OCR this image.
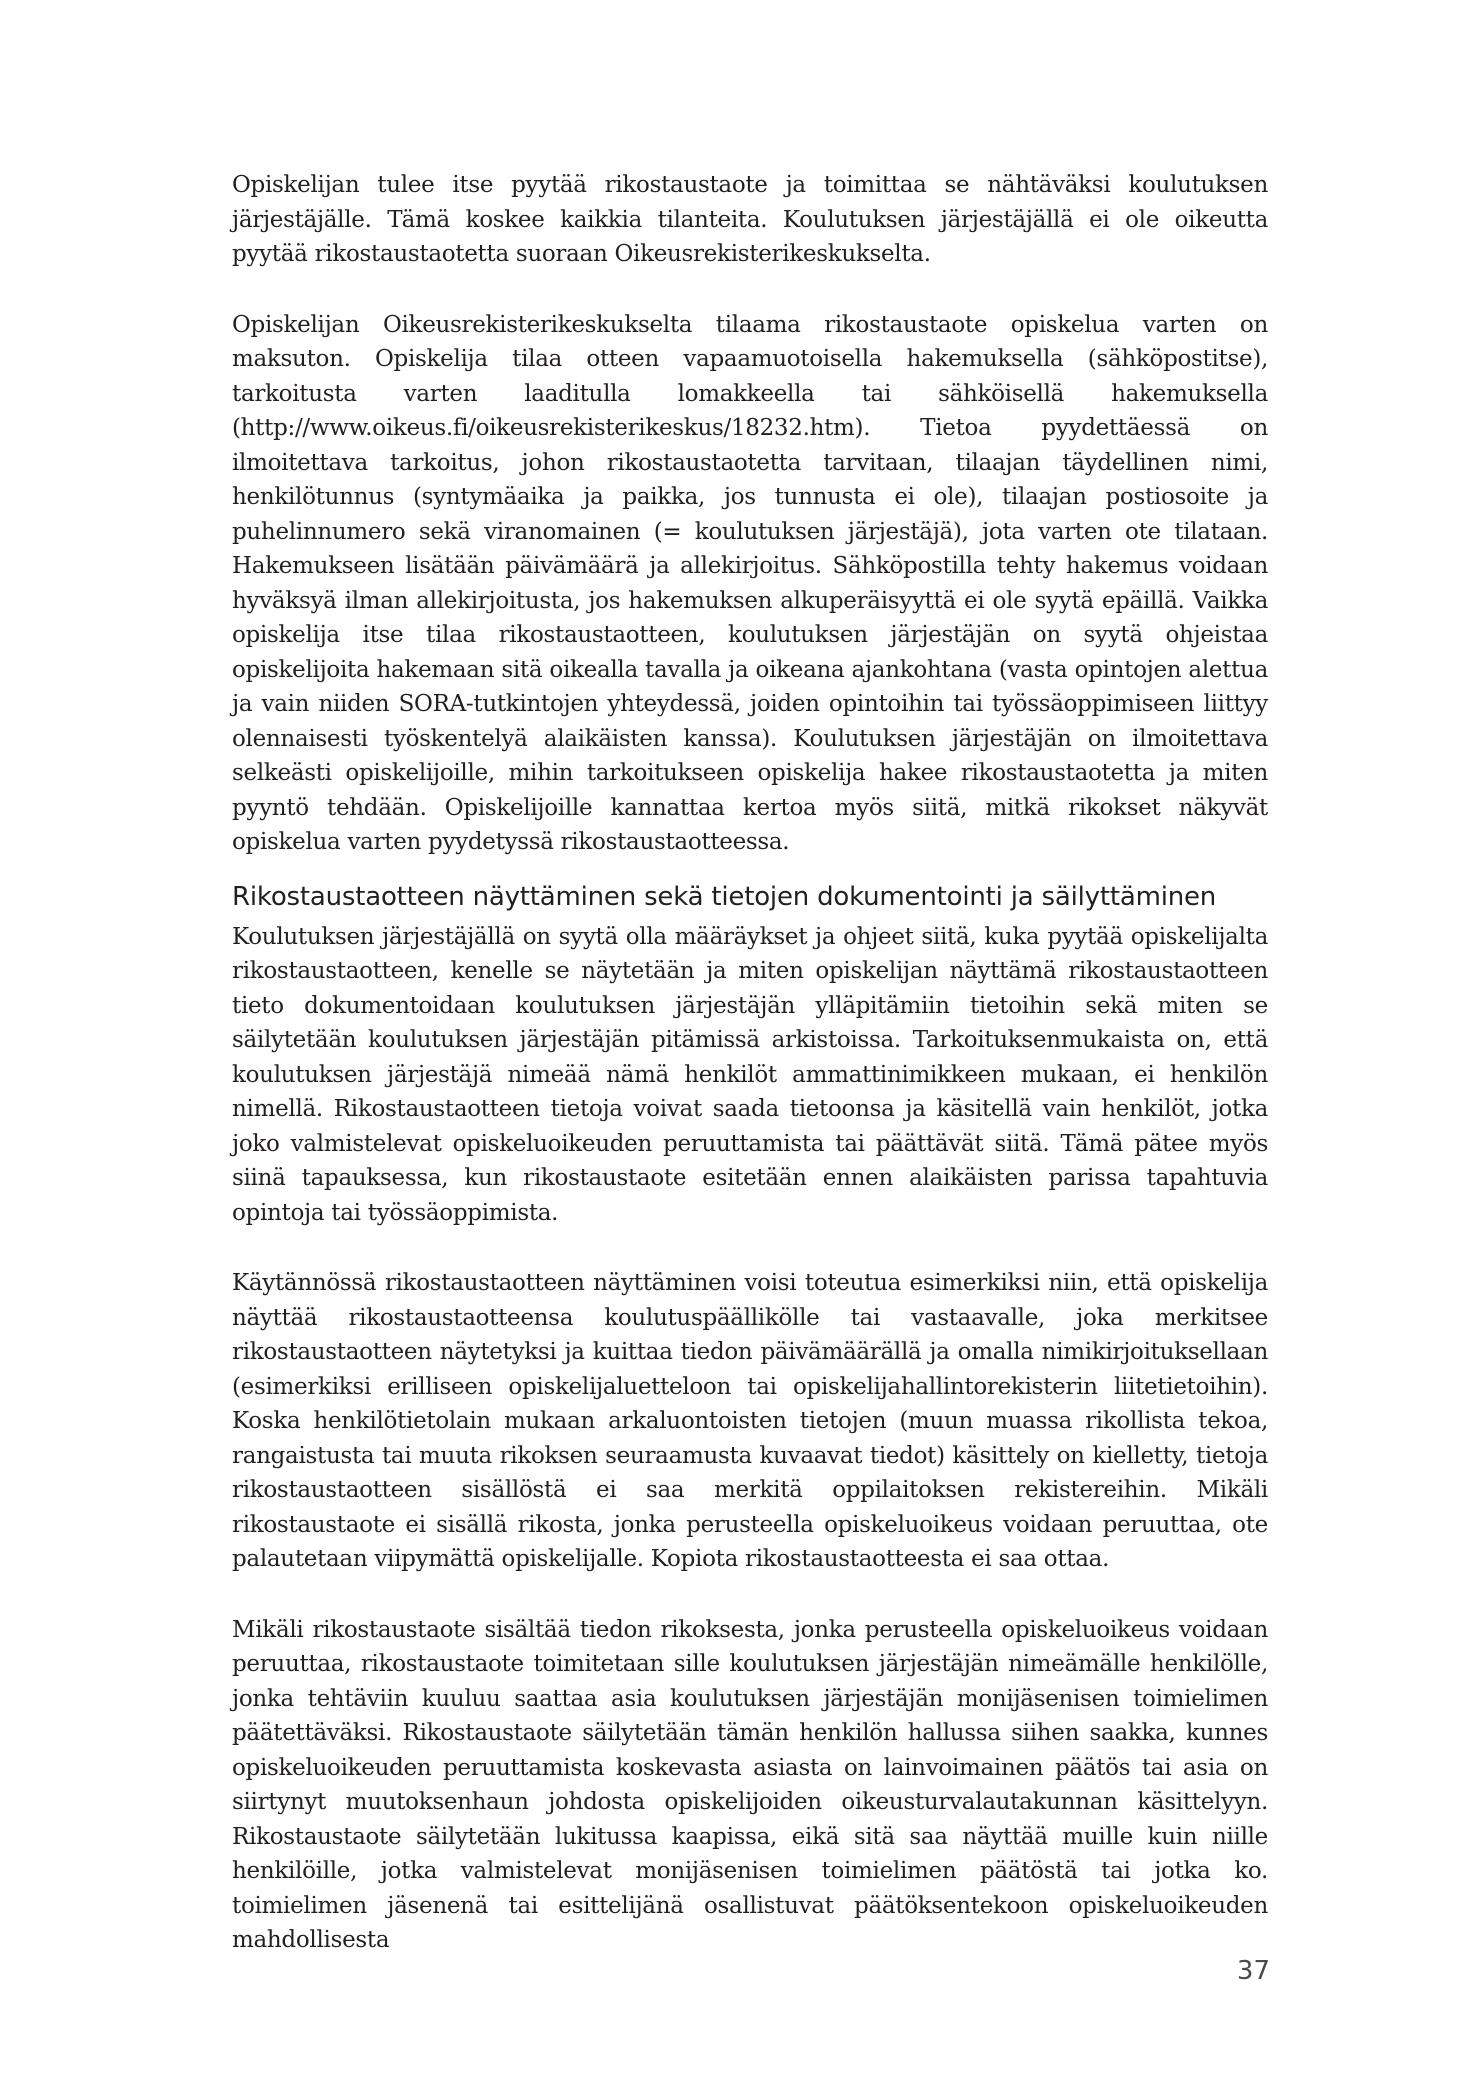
Opiskelijan tulee itse pyytää rikostaustaote ja toimittaa se nähtäväksi koulutuksen järjestäjälle. Tämä koskee kaikkia tilanteita. Koulutuksen järjestäjällä ei ole oikeutta pyytää rikostaustaotetta suoraan Oikeusrekisterikeskukselta.

Opiskelijan Oikeusrekisterikeskukselta tilaama rikostaustaote opiskelua varten on maksuton. Opiskelija tilaa otteen vapaamuotoisella hakemuksella (sähköpostitse), tarkoitusta varten laaditulla lomakkeella tai sähköisellä hakemuksella (http://www.oikeus.fi/oikeusrekisterikeskus/18232.htm). Tietoa pyydettäessä on ilmoitettava tarkoitus, johon rikostaustaotetta tarvitaan, tilaajan täydellinen nimi, henkilötunnus (syntymäaika ja paikka, jos tunnusta ei ole), tilaajan postiosoite ja puhelinnumero sekä viranomainen (= koulutuksen järjestäjä), jota varten ote tilataan. Hakemukseen lisätään päivämäärä ja allekirjoitus. Sähköpostilla tehty hakemus voidaan hyväksyä ilman allekirjoitusta, jos hakemuksen alkuperäisyyttä ei ole syytä epäillä. Vaikka opiskelija itse tilaa rikostaustaotteen, koulutuksen järjestäjän on syytä ohjeistaa opiskelijoita hakemaan sitä oikealla tavalla ja oikeana ajankohtana (vasta opintojen alettua ja vain niiden SORA-tutkintojen yhteydessä, joiden opintoihin tai työssäoppimiseen liittyy olennaisesti työskentelyä alaikäisten kanssa). Koulutuksen järjestäjän on ilmoitettava selkeästi opiskelijoille, mihin tarkoitukseen opiskelija hakee rikostaustaotetta ja miten pyyntö tehdään. Opiskelijoille kannattaa kertoa myös siitä, mitkä rikokset näkyvät opiskelua varten pyydetyssä rikostaustaotteessa.

Rikostaustaotteen näyttäminen sekä tietojen dokumentointi ja säilyttäminen

Koulutuksen järjestäjällä on syytä olla määräykset ja ohjeet siitä, kuka pyytää opiskelijalta rikostaustaotteen, kenelle se näytetään ja miten opiskelijan näyttämä rikostaustaotteen tieto dokumentoidaan koulutuksen järjestäjän ylläpitämiin tietoihin sekä miten se säilytetään koulutuksen järjestäjän pitämissä arkistoissa. Tarkoituksenmukaista on, että koulutuksen järjestäjä nimeää nämä henkilöt ammattinimikkeen mukaan, ei henkilön nimellä. Rikostaustaotteen tietoja voivat saada tietoonsa ja käsitellä vain henkilöt, jotka joko valmistelevat opiskeluoikeuden peruuttamista tai päättävät siitä. Tämä pätee myös siinä tapauksessa, kun rikostaustaote esitetään ennen alaikäisten parissa tapahtuvia opintoja tai työssäoppimista.

Käytännössä rikostaustaotteen näyttäminen voisi toteutua esimerkiksi niin, että opiskelija näyttää rikostaustaotteensa koulutuspäällikölle tai vastaavalle, joka merkitsee rikostaustaotteen näytetyksi ja kuittaa tiedon päivämäärällä ja omalla nimikirjoituksellaan (esimerkiksi erilliseen opiskelijaluetteloon tai opiskelijahallintorekisterin liitetietoihin). Koska henkilötietolain mukaan arkaluontoisten tietojen (muun muassa rikollista tekoa, rangaistusta tai muuta rikoksen seuraamusta kuvaavat tiedot) käsittely on kielletty, tietoja rikostaustaotteen sisällöstä ei saa merkitä oppilaitoksen rekistereihin. Mikäli rikostaustaote ei sisällä rikosta, jonka perusteella opiskeluoikeus voidaan peruuttaa, ote palautetaan viipymättä opiskelijalle. Kopiota rikostaustaotteesta ei saa ottaa.

Mikäli rikostaustaote sisältää tiedon rikoksesta, jonka perusteella opiskeluoikeus voidaan peruuttaa, rikostaustaote toimitetaan sille koulutuksen järjestäjän nimeämälle henkilölle, jonka tehtäviin kuuluu saattaa asia koulutuksen järjestäjän monijäsenisen toimielimen päätettäväksi. Rikostaustaote säilytetään tämän henkilön hallussa siihen saakka, kunnes opiskeluoikeuden peruuttamista koskevasta asiasta on lainvoimainen päätös tai asia on siirtynyt muutoksenhaun johdosta opiskelijoiden oikeusturvalautakunnan käsittelyyn. Rikostaustaote säilytetään lukitussa kaapissa, eikä sitä saa näyttää muille kuin niille henkilöille, jotka valmistelevat monijäsenisen toimielimen päätöstä tai jotka ko. toimielimen jäsenenä tai esittelijänä osallistuvat päätöksentekoon opiskeluoikeuden mahdollisesta

37
